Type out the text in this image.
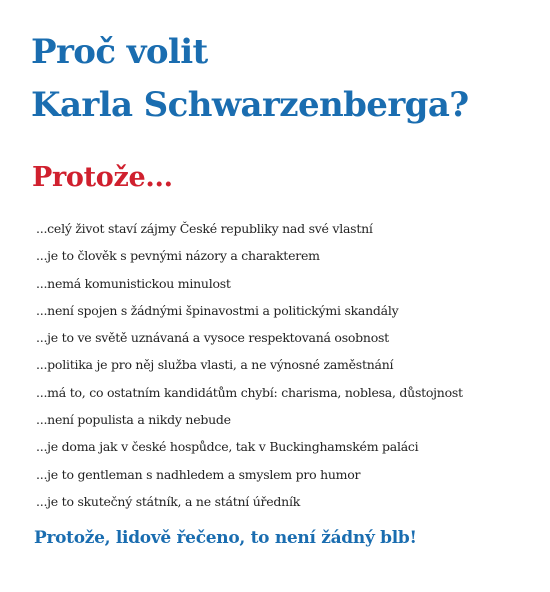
Proč volit
Karla Schwarzenberga?
Protože...
...celý život staví zájmy České republiky nad své vlastní
...je to člověk s pevnými názory a charakterem
...nemá komunistickou minulost
...není spojen s žádnými špinavostmi a politickými skandály
...je to ve světě uznávaná a vysoce respektovaná osobnost
...politika je pro něj služba vlasti, a ne výnosné zaměstnání
...má to, co ostatním kandidátům chybí: charisma, noblesa, důstojnost
...není populista a nikdy nebude
...je doma jak v české hospůdce, tak v Buckinghamském paláci
...je to gentleman s nadhledem a smyslem pro humor
...je to skutečný státník, a ne státní úředník

Protože, lidově řečeno, to není žádný blb!
